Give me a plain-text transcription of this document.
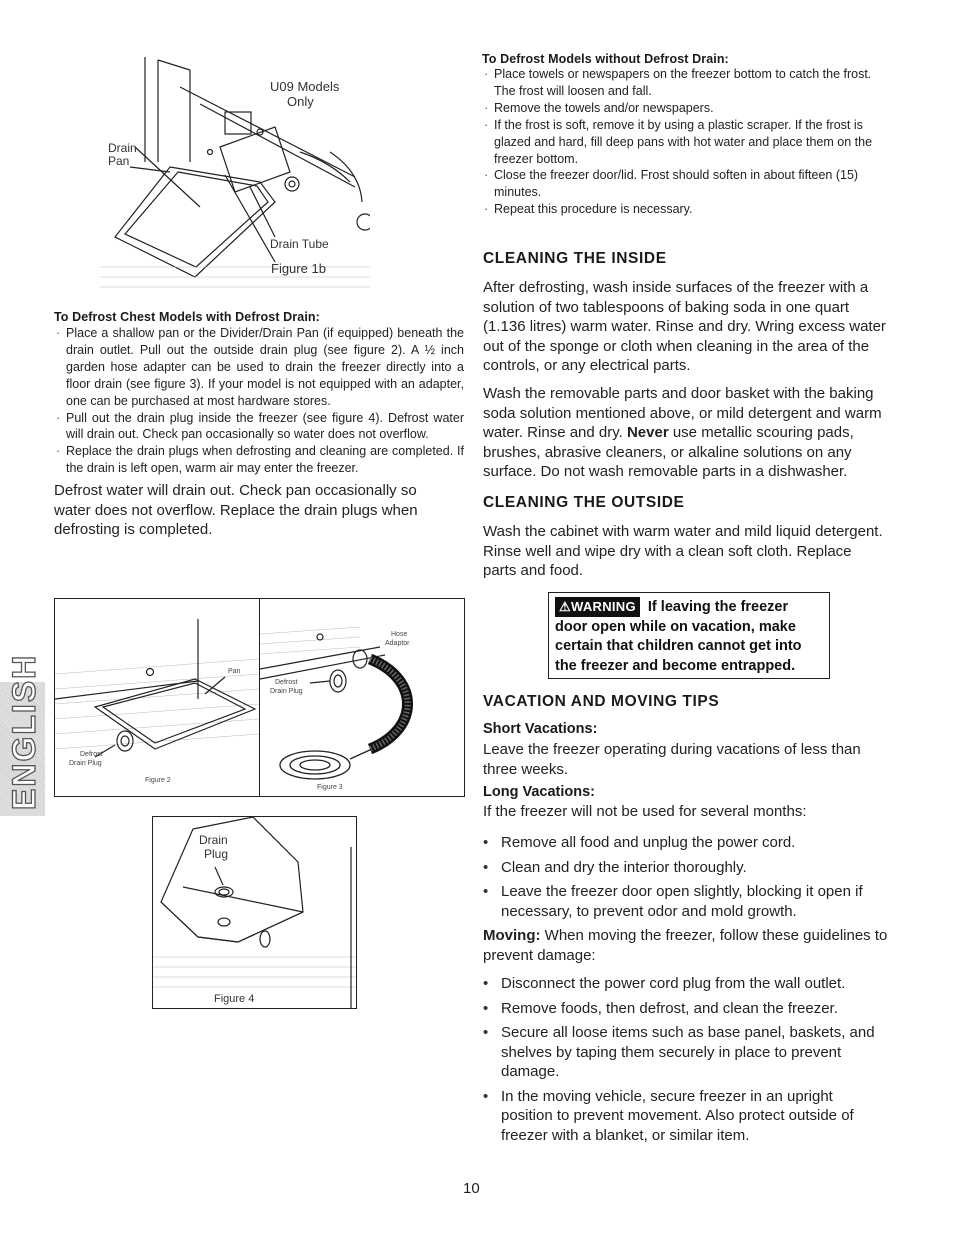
U09 Models
Only
Drain
Pan
Drain Tube
Figure 1b
To Defrost Chest Models with Defrost Drain:
· Place a shallow pan or the Divider/Drain Pan (if equipped) beneath the drain outlet. Pull out the outside drain plug (see figure 2). A ½ inch garden hose adapter can be used to drain the freezer directly into a floor drain (see figure 3). If your model is not equipped with an adapter, one can be purchased at most hardware stores.
· Pull out the drain plug inside the freezer (see figure 4). Defrost water will drain out. Check pan occasionally so water does not overflow.
· Replace the drain plugs when defrosting and cleaning are completed. If the drain is left open, warm air may enter the freezer.

Defrost water will drain out. Check pan occasionally so water does not overflow. Replace the drain plugs when defrosting is completed.

Pan
Defrost
Drain Plug
Figure 2
Hose
Adaptor
Defrost
Drain Plug
Figure 3
Drain
Plug
Figure 4
ENGLISH
To Defrost Models without Defrost Drain:
· Place towels or newspapers on the freezer bottom to catch the frost. The frost will loosen and fall.
· Remove the towels and/or newspapers.
· If the frost is soft, remove it by using a plastic scraper. If the frost is glazed and hard, fill deep pans with hot water and place them on the freezer bottom.
· Close the freezer door/lid. Frost should soften in about fifteen (15) minutes.
· Repeat this procedure is necessary.
CLEANING THE INSIDE

After defrosting, wash inside surfaces of the freezer with a solution of two tablespoons of baking soda in one quart (1.136 litres) warm water. Rinse and dry. Wring excess water out of the sponge or cloth when cleaning in the area of the controls, or any electrical parts.

Wash the removable parts and door basket with the baking soda solution mentioned above, or mild detergent and warm water. Rinse and dry. Never use metallic scouring pads, brushes, abrasive cleaners, or alkaline solutions on any surface. Do not wash removable parts in a dishwasher.

CLEANING THE OUTSIDE

Wash the cabinet with warm water and mild liquid detergent. Rinse well and wipe dry with a clean soft cloth. Replace parts and food.

⚠WARNING If leaving the freezer door open while on vacation, make certain that children cannot get into the freezer and become entrapped.
VACATION AND MOVING TIPS
Short Vacations:

Leave the freezer operating during vacations of less than three weeks.

Long Vacations:

If the freezer will not be used for several months:

• Remove all food and unplug the power cord.
• Clean and dry the interior thoroughly.
• Leave the freezer door open slightly, blocking it open if necessary, to prevent odor and mold growth.

Moving: When moving the freezer, follow these guidelines to prevent damage:

• Disconnect the power cord plug from the wall outlet.
• Remove foods, then defrost, and clean the freezer.
• Secure all loose items such as base panel, baskets, and shelves by taping them securely in place to prevent damage.
• In the moving vehicle, secure freezer in an upright position to prevent movement. Also protect outside of freezer with a blanket, or similar item.
10
